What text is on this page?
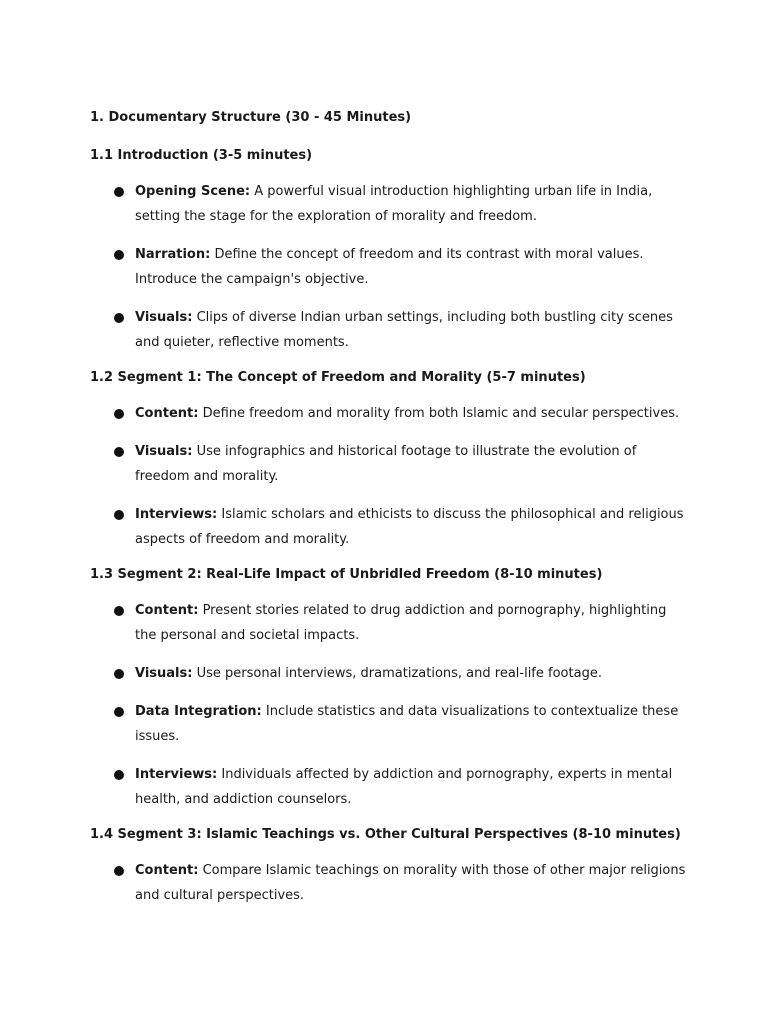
1. Documentary Structure (30 - 45 Minutes)
1.1 Introduction (3-5 minutes)
Opening Scene: A powerful visual introduction highlighting urban life in India, setting the stage for the exploration of morality and freedom.
Narration: Define the concept of freedom and its contrast with moral values. Introduce the campaign's objective.
Visuals: Clips of diverse Indian urban settings, including both bustling city scenes and quieter, reflective moments.
1.2 Segment 1: The Concept of Freedom and Morality (5-7 minutes)
Content: Define freedom and morality from both Islamic and secular perspectives.
Visuals: Use infographics and historical footage to illustrate the evolution of freedom and morality.
Interviews: Islamic scholars and ethicists to discuss the philosophical and religious aspects of freedom and morality.
1.3 Segment 2: Real-Life Impact of Unbridled Freedom (8-10 minutes)
Content: Present stories related to drug addiction and pornography, highlighting the personal and societal impacts.
Visuals: Use personal interviews, dramatizations, and real-life footage.
Data Integration: Include statistics and data visualizations to contextualize these issues.
Interviews: Individuals affected by addiction and pornography, experts in mental health, and addiction counselors.
1.4 Segment 3: Islamic Teachings vs. Other Cultural Perspectives (8-10 minutes)
Content: Compare Islamic teachings on morality with those of other major religions and cultural perspectives.
